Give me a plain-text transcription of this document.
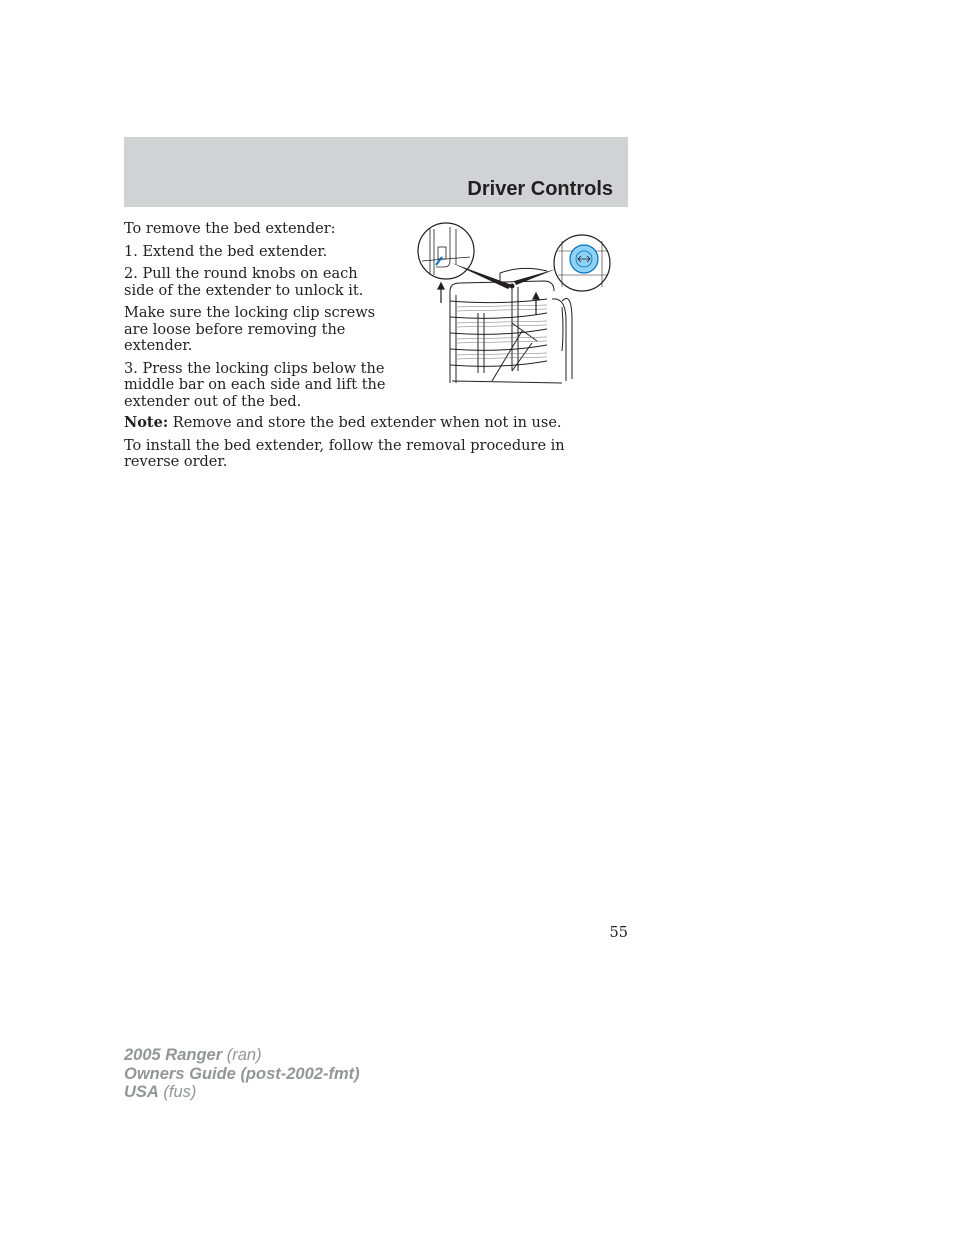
Driver Controls

To remove the bed extender:

1. Extend the bed extender.

2. Pull the round knobs on each side of the extender to unlock it.

Make sure the locking clip screws are loose before removing the extender.

3. Press the locking clips below the middle bar on each side and lift the extender out of the bed.

Note: Remove and store the bed extender when not in use.

To install the bed extender, follow the removal procedure in reverse order.

55
2005 Ranger (ran)
Owners Guide (post-2002-fmt)
USA (fus)
